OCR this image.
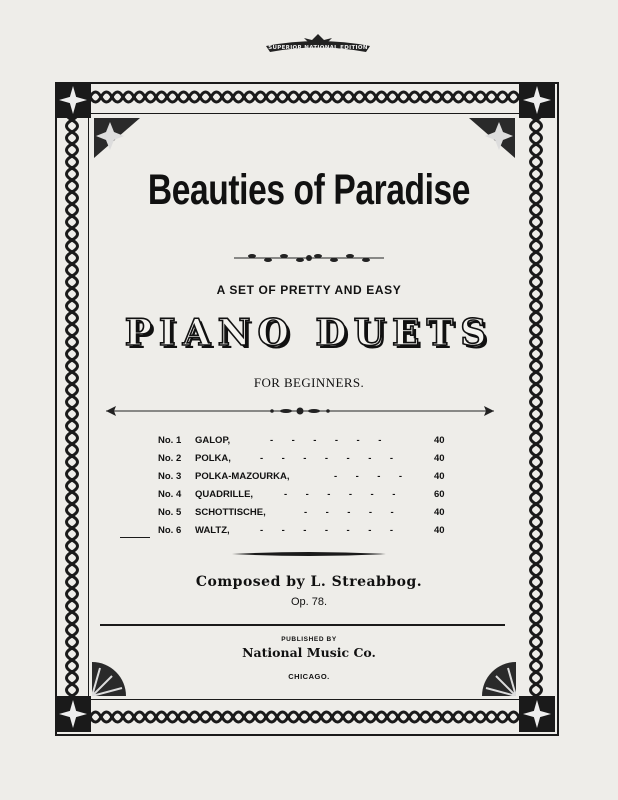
SUPERIOR NATIONAL EDITION
Beauties of Paradise
A SET OF PRETTY AND EASY
PIANO DUETS
FOR BEGINNERS.
No. 1 GALOP,	-       -       -       -       -       -	40
No. 2 POLKA,	-       -       -       -       -       -       -	40
No. 3 POLKA-MAZOURKA,	-       -       -       -	40
No. 4 QUADRILLE,	-       -       -       -       -       -	60
No. 5 SCHOTTISCHE,	-       -       -       -       -	40
No. 6 WALTZ,	-       -       -       -       -       -       -	40
Composed by L. Streabbog.
Op. 78.
PUBLISHED BY
National Music Co.
CHICAGO.
